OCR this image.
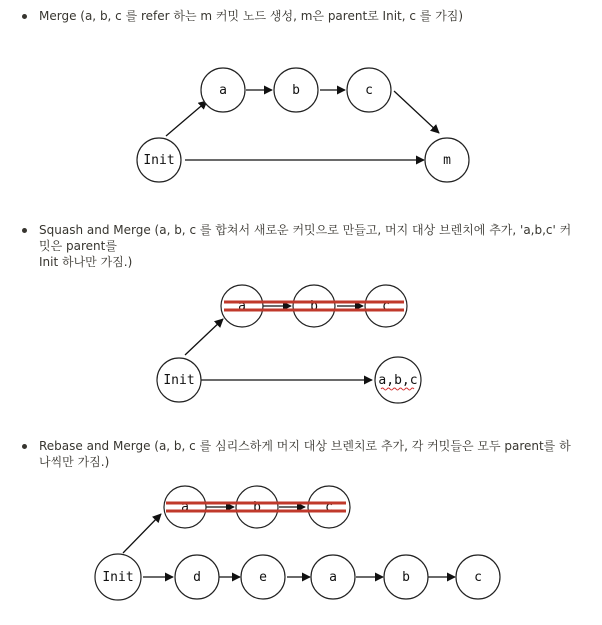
Merge (a, b, c 를 refer 하는 m 커밋 노드 생성, m은 parent로 Init, c 를 가짐)
a	b	c
Init	m
Squash and Merge (a, b, c 를 합쳐서 새로운 커밋으로 만들고, 머지 대상 브렌치에 추가, 'a,b,c' 커밋은 parent를
Init 하나만 가짐.)
a	b	c
Init	a,b,c
Rebase and Merge (a, b, c 를 심리스하게 머지 대상 브렌치로 추가, 각 커밋들은 모두 parent를 하나씩만 가짐.)
a	b	c
Init	d	e	a	b	c
